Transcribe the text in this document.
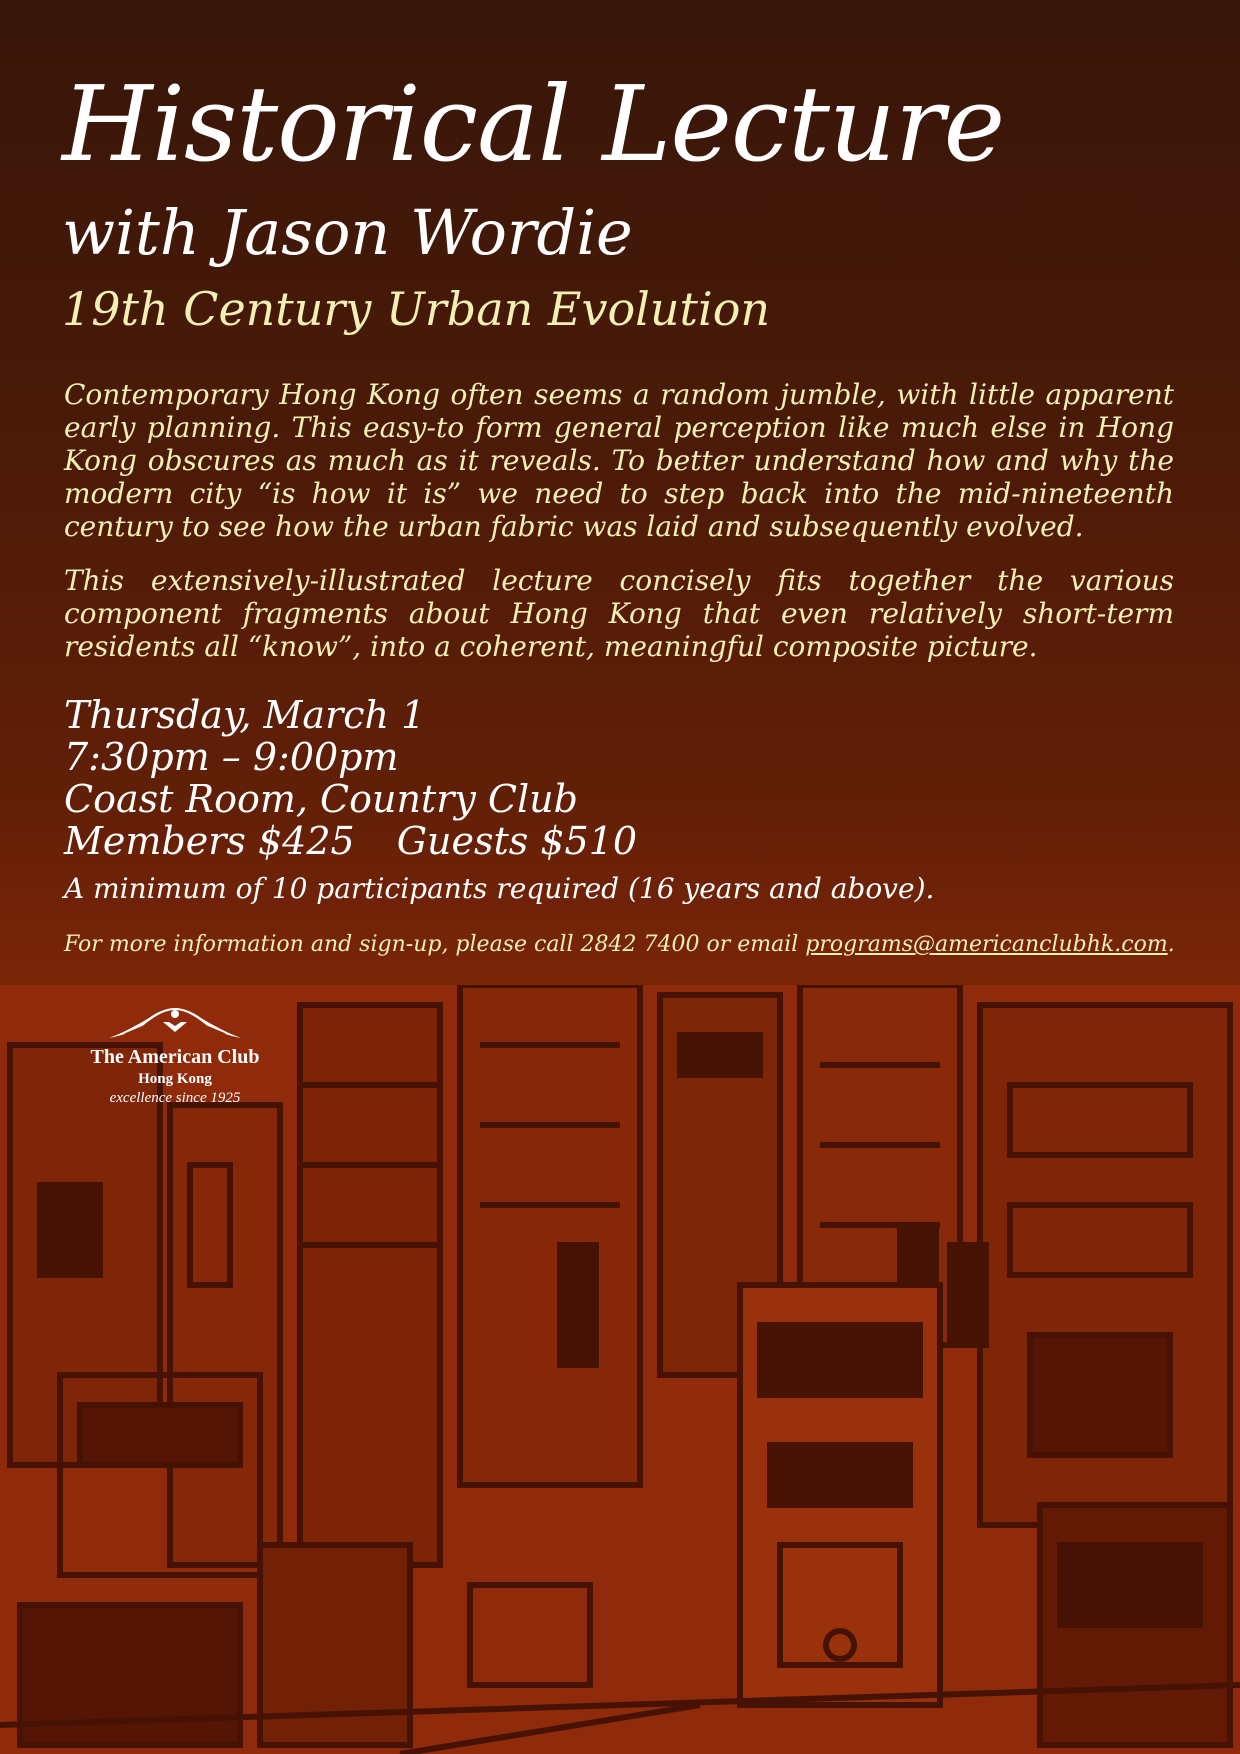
Historical Lecture
with Jason Wordie
19th Century Urban Evolution

Contemporary Hong Kong often seems a random jumble, with little apparent early planning. This easy-to form general perception like much else in Hong Kong obscures as much as it reveals. To better understand how and why the modern city “is how it is” we need to step back into the mid-nineteenth century to see how the urban fabric was laid and subsequently evolved.

This extensively-illustrated lecture concisely fits together the various component fragments about Hong Kong that even relatively short-term residents all “know”, into a coherent, meaningful composite picture.

Thursday, March 1
7:30pm – 9:00pm
Coast Room, Country Club
Members $425 Guests $510
A minimum of 10 participants required (16 years and above).
For more information and sign-up, please call 2842 7400 or email programs@americanclubhk.com.
The American Club
Hong Kong
excellence since 1925
